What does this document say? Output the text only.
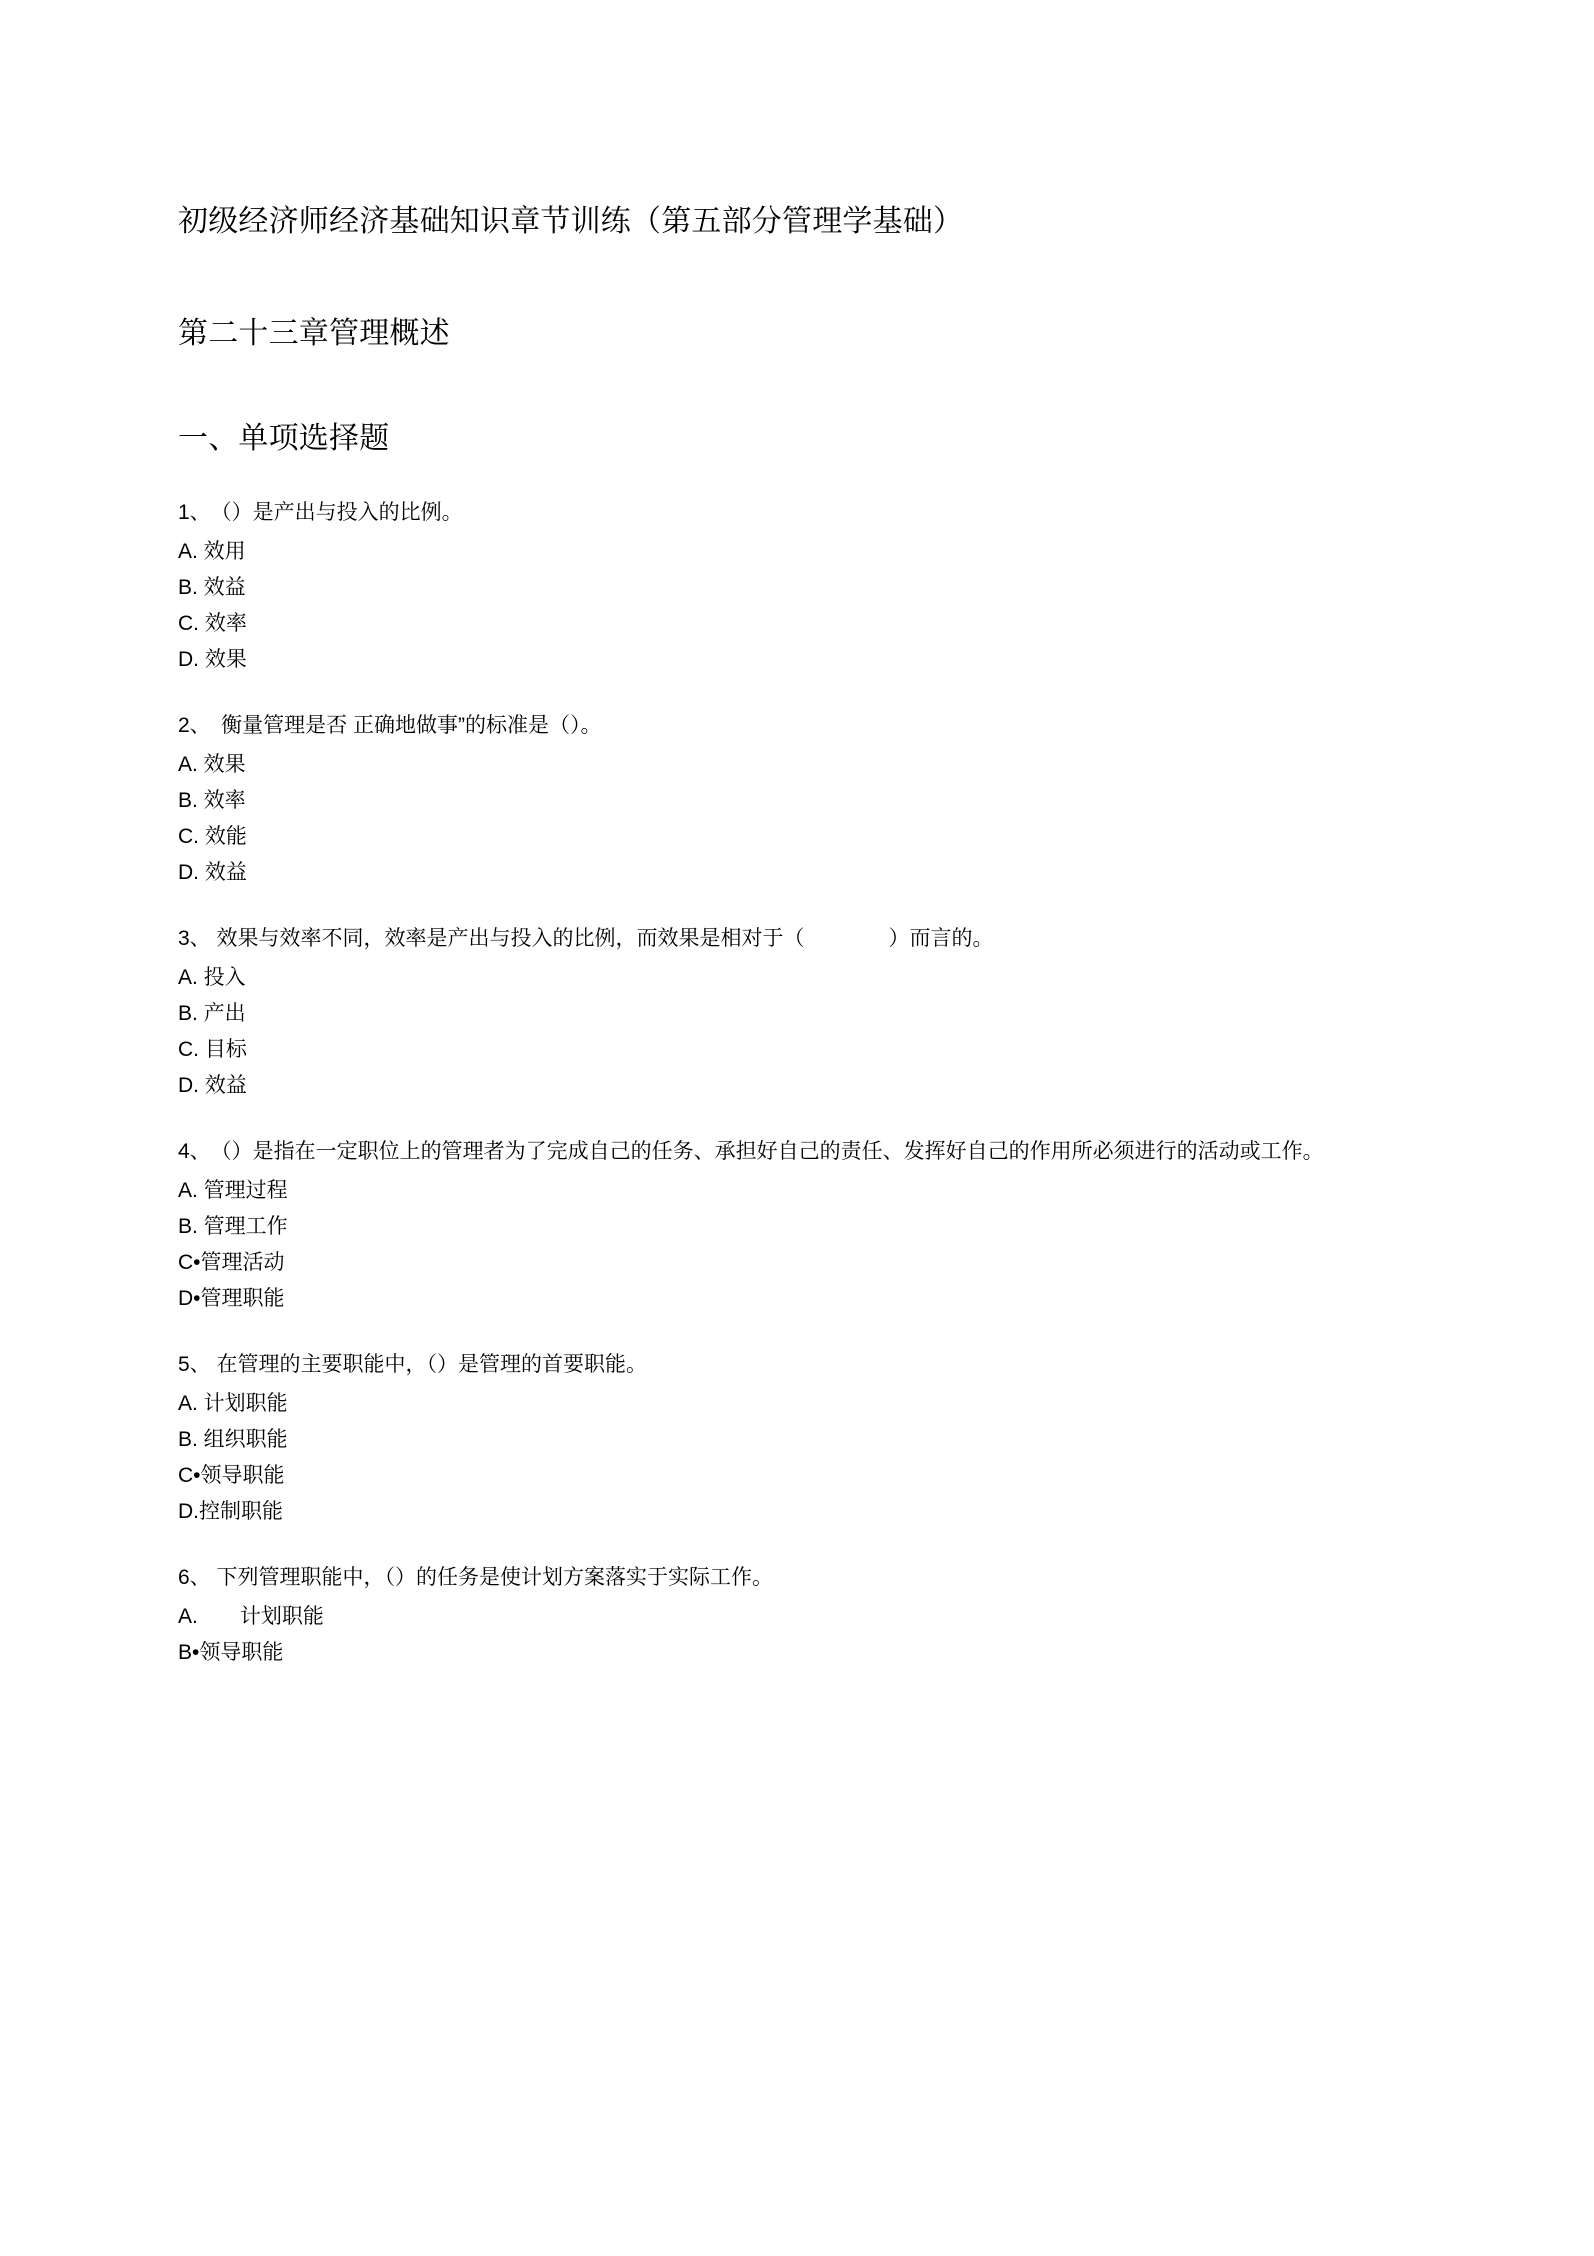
初级经济师经济基础知识章节训练（第五部分管理学基础）
第二十三章管理概述
一、单项选择题

1、　（）是产出与投入的比例。

A. 效用

B. 效益

C. 效率

D. 效果

2、　衡量管理是否 正确地做事”的标准是（）。

A. 效果

B. 效率

C. 效能

D. 效益

3、 效果与效率不同，效率是产出与投入的比例，而效果是相对于（　　　　）而言的。

A. 投入

B. 产出

C. 目标

D. 效益

4、　（）是指在一定职位上的管理者为了完成自己的任务、承担好自己的责任、发挥好自己的作用所必须进行的活动或工作。

A. 管理过程

B. 管理工作

C•管理活动

D•管理职能

5、 在管理的主要职能中，（）是管理的首要职能。

A. 计划职能

B. 组织职能

C•领导职能

D.控制职能

6、 下列管理职能中，（）的任务是使计划方案落实于实际工作。

A.　　计划职能

B•领导职能
